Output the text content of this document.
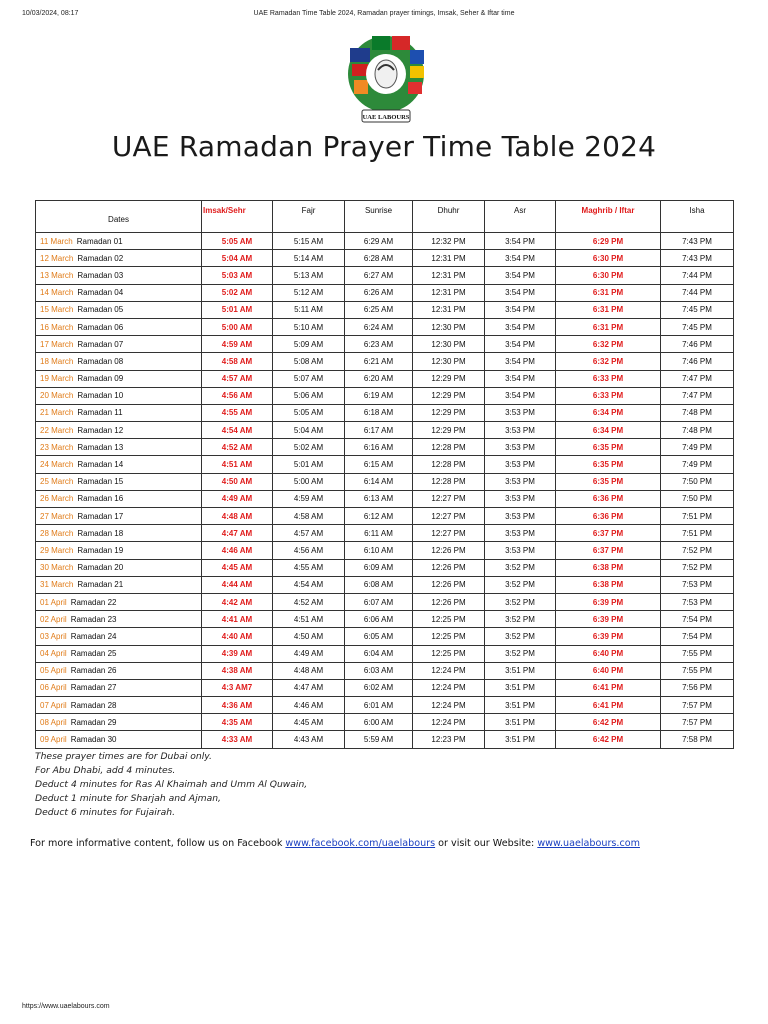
10/03/2024, 08:17	UAE Ramadan Time Table 2024, Ramadan prayer timings, Imsak, Seher & Iftar time
UAE LABOURS
UAE Ramadan Prayer Time Table 2024
Dates	Imsak/Sehr	Fajr	Sunrise	Dhuhr	Asr	Maghrib / Iftar	Isha
11 March Ramadan 01	5:05 AM	5:15 AM	6:29 AM	12:32 PM	3:54 PM	6:29 PM	7:43 PM
12 March Ramadan 02	5:04 AM	5:14 AM	6:28 AM	12:31 PM	3:54 PM	6:30 PM	7:43 PM
13 March Ramadan 03	5:03 AM	5:13 AM	6:27 AM	12:31 PM	3:54 PM	6:30 PM	7:44 PM
14 March Ramadan 04	5:02 AM	5:12 AM	6:26 AM	12:31 PM	3:54 PM	6:31 PM	7:44 PM
15 March Ramadan 05	5:01 AM	5:11 AM	6:25 AM	12:31 PM	3:54 PM	6:31 PM	7:45 PM
16 March Ramadan 06	5:00 AM	5:10 AM	6:24 AM	12:30 PM	3:54 PM	6:31 PM	7:45 PM
17 March Ramadan 07	4:59 AM	5:09 AM	6:23 AM	12:30 PM	3:54 PM	6:32 PM	7:46 PM
18 March Ramadan 08	4:58 AM	5:08 AM	6:21 AM	12:30 PM	3:54 PM	6:32 PM	7:46 PM
19 March Ramadan 09	4:57 AM	5:07 AM	6:20 AM	12:29 PM	3:54 PM	6:33 PM	7:47 PM
20 March Ramadan 10	4:56 AM	5:06 AM	6:19 AM	12:29 PM	3:54 PM	6:33 PM	7:47 PM
21 March Ramadan 11	4:55 AM	5:05 AM	6:18 AM	12:29 PM	3:53 PM	6:34 PM	7:48 PM
22 March Ramadan 12	4:54 AM	5:04 AM	6:17 AM	12:29 PM	3:53 PM	6:34 PM	7:48 PM
23 March Ramadan 13	4:52 AM	5:02 AM	6:16 AM	12:28 PM	3:53 PM	6:35 PM	7:49 PM
24 March Ramadan 14	4:51 AM	5:01 AM	6:15 AM	12:28 PM	3:53 PM	6:35 PM	7:49 PM
25 March Ramadan 15	4:50 AM	5:00 AM	6:14 AM	12:28 PM	3:53 PM	6:35 PM	7:50 PM
26 March Ramadan 16	4:49 AM	4:59 AM	6:13 AM	12:27 PM	3:53 PM	6:36 PM	7:50 PM
27 March Ramadan 17	4:48 AM	4:58 AM	6:12 AM	12:27 PM	3:53 PM	6:36 PM	7:51 PM
28 March Ramadan 18	4:47 AM	4:57 AM	6:11 AM	12:27 PM	3:53 PM	6:37 PM	7:51 PM
29 March Ramadan 19	4:46 AM	4:56 AM	6:10 AM	12:26 PM	3:53 PM	6:37 PM	7:52 PM
30 March Ramadan 20	4:45 AM	4:55 AM	6:09 AM	12:26 PM	3:52 PM	6:38 PM	7:52 PM
31 March Ramadan 21	4:44 AM	4:54 AM	6:08 AM	12:26 PM	3:52 PM	6:38 PM	7:53 PM
01 April Ramadan 22	4:42 AM	4:52 AM	6:07 AM	12:26 PM	3:52 PM	6:39 PM	7:53 PM
02 April Ramadan 23	4:41 AM	4:51 AM	6:06 AM	12:25 PM	3:52 PM	6:39 PM	7:54 PM
03 April Ramadan 24	4:40 AM	4:50 AM	6:05 AM	12:25 PM	3:52 PM	6:39 PM	7:54 PM
04 April Ramadan 25	4:39 AM	4:49 AM	6:04 AM	12:25 PM	3:52 PM	6:40 PM	7:55 PM
05 April Ramadan 26	4:38 AM	4:48 AM	6:03 AM	12:24 PM	3:51 PM	6:40 PM	7:55 PM
06 April Ramadan 27	4:3 AM7	4:47 AM	6:02 AM	12:24 PM	3:51 PM	6:41 PM	7:56 PM
07 April Ramadan 28	4:36 AM	4:46 AM	6:01 AM	12:24 PM	3:51 PM	6:41 PM	7:57 PM
08 April Ramadan 29	4:35 AM	4:45 AM	6:00 AM	12:24 PM	3:51 PM	6:42 PM	7:57 PM
09 April Ramadan 30	4:33 AM	4:43 AM	5:59 AM	12:23 PM	3:51 PM	6:42 PM	7:58 PM
These prayer times are for Dubai only.
For Abu Dhabi, add 4 minutes.
Deduct 4 minutes for Ras Al Khaimah and Umm Al Quwain,
Deduct 1 minute for Sharjah and Ajman,
Deduct 6 minutes for Fujairah.
For more informative content, follow us on Facebook www.facebook.com/uaelabours or visit our Website: www.uaelabours.com
https://www.uaelabours.com
